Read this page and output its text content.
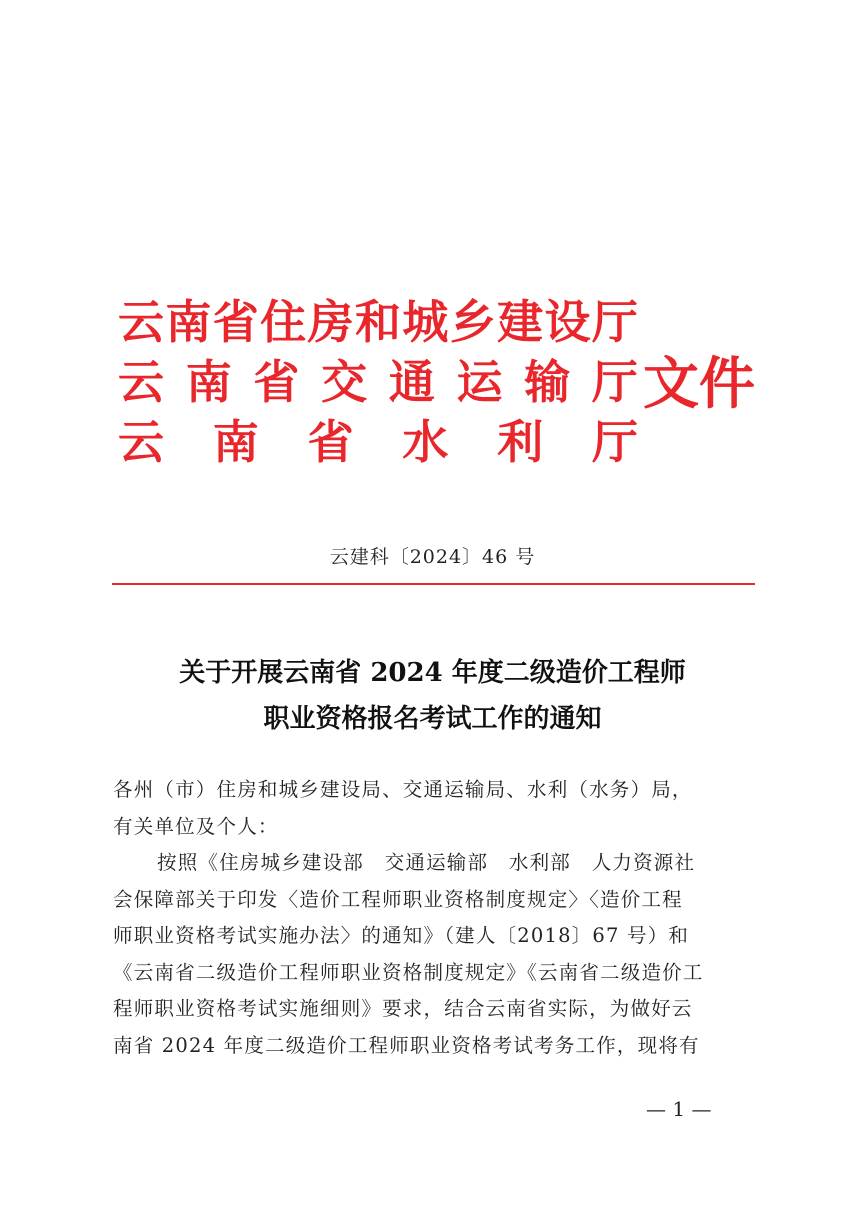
云 南 省 住 房 和 城 乡 建 设 厅
云 南 省 交 通 运 输 厅
云 南 省 水 利 厅
文件
云建科〔2024〕46 号
关于开展云南省 2024 年度二级造价工程师
职业资格报名考试工作的通知
各州（市）住房和城乡建设局、交通运输局、水利（水务）局，
有关单位及个人：
按照《住房城乡建设部　交通运输部　水利部　人力资源社
会保障部关于印发〈造价工程师职业资格制度规定〉〈造价工程
师职业资格考试实施办法〉的通知》（建人〔2018〕67 号）和
《云南省二级造价工程师职业资格制度规定》《云南省二级造价工
程师职业资格考试实施细则》要求，结合云南省实际，为做好云
南省 2024 年度二级造价工程师职业资格考试考务工作，现将有
— 1 —
